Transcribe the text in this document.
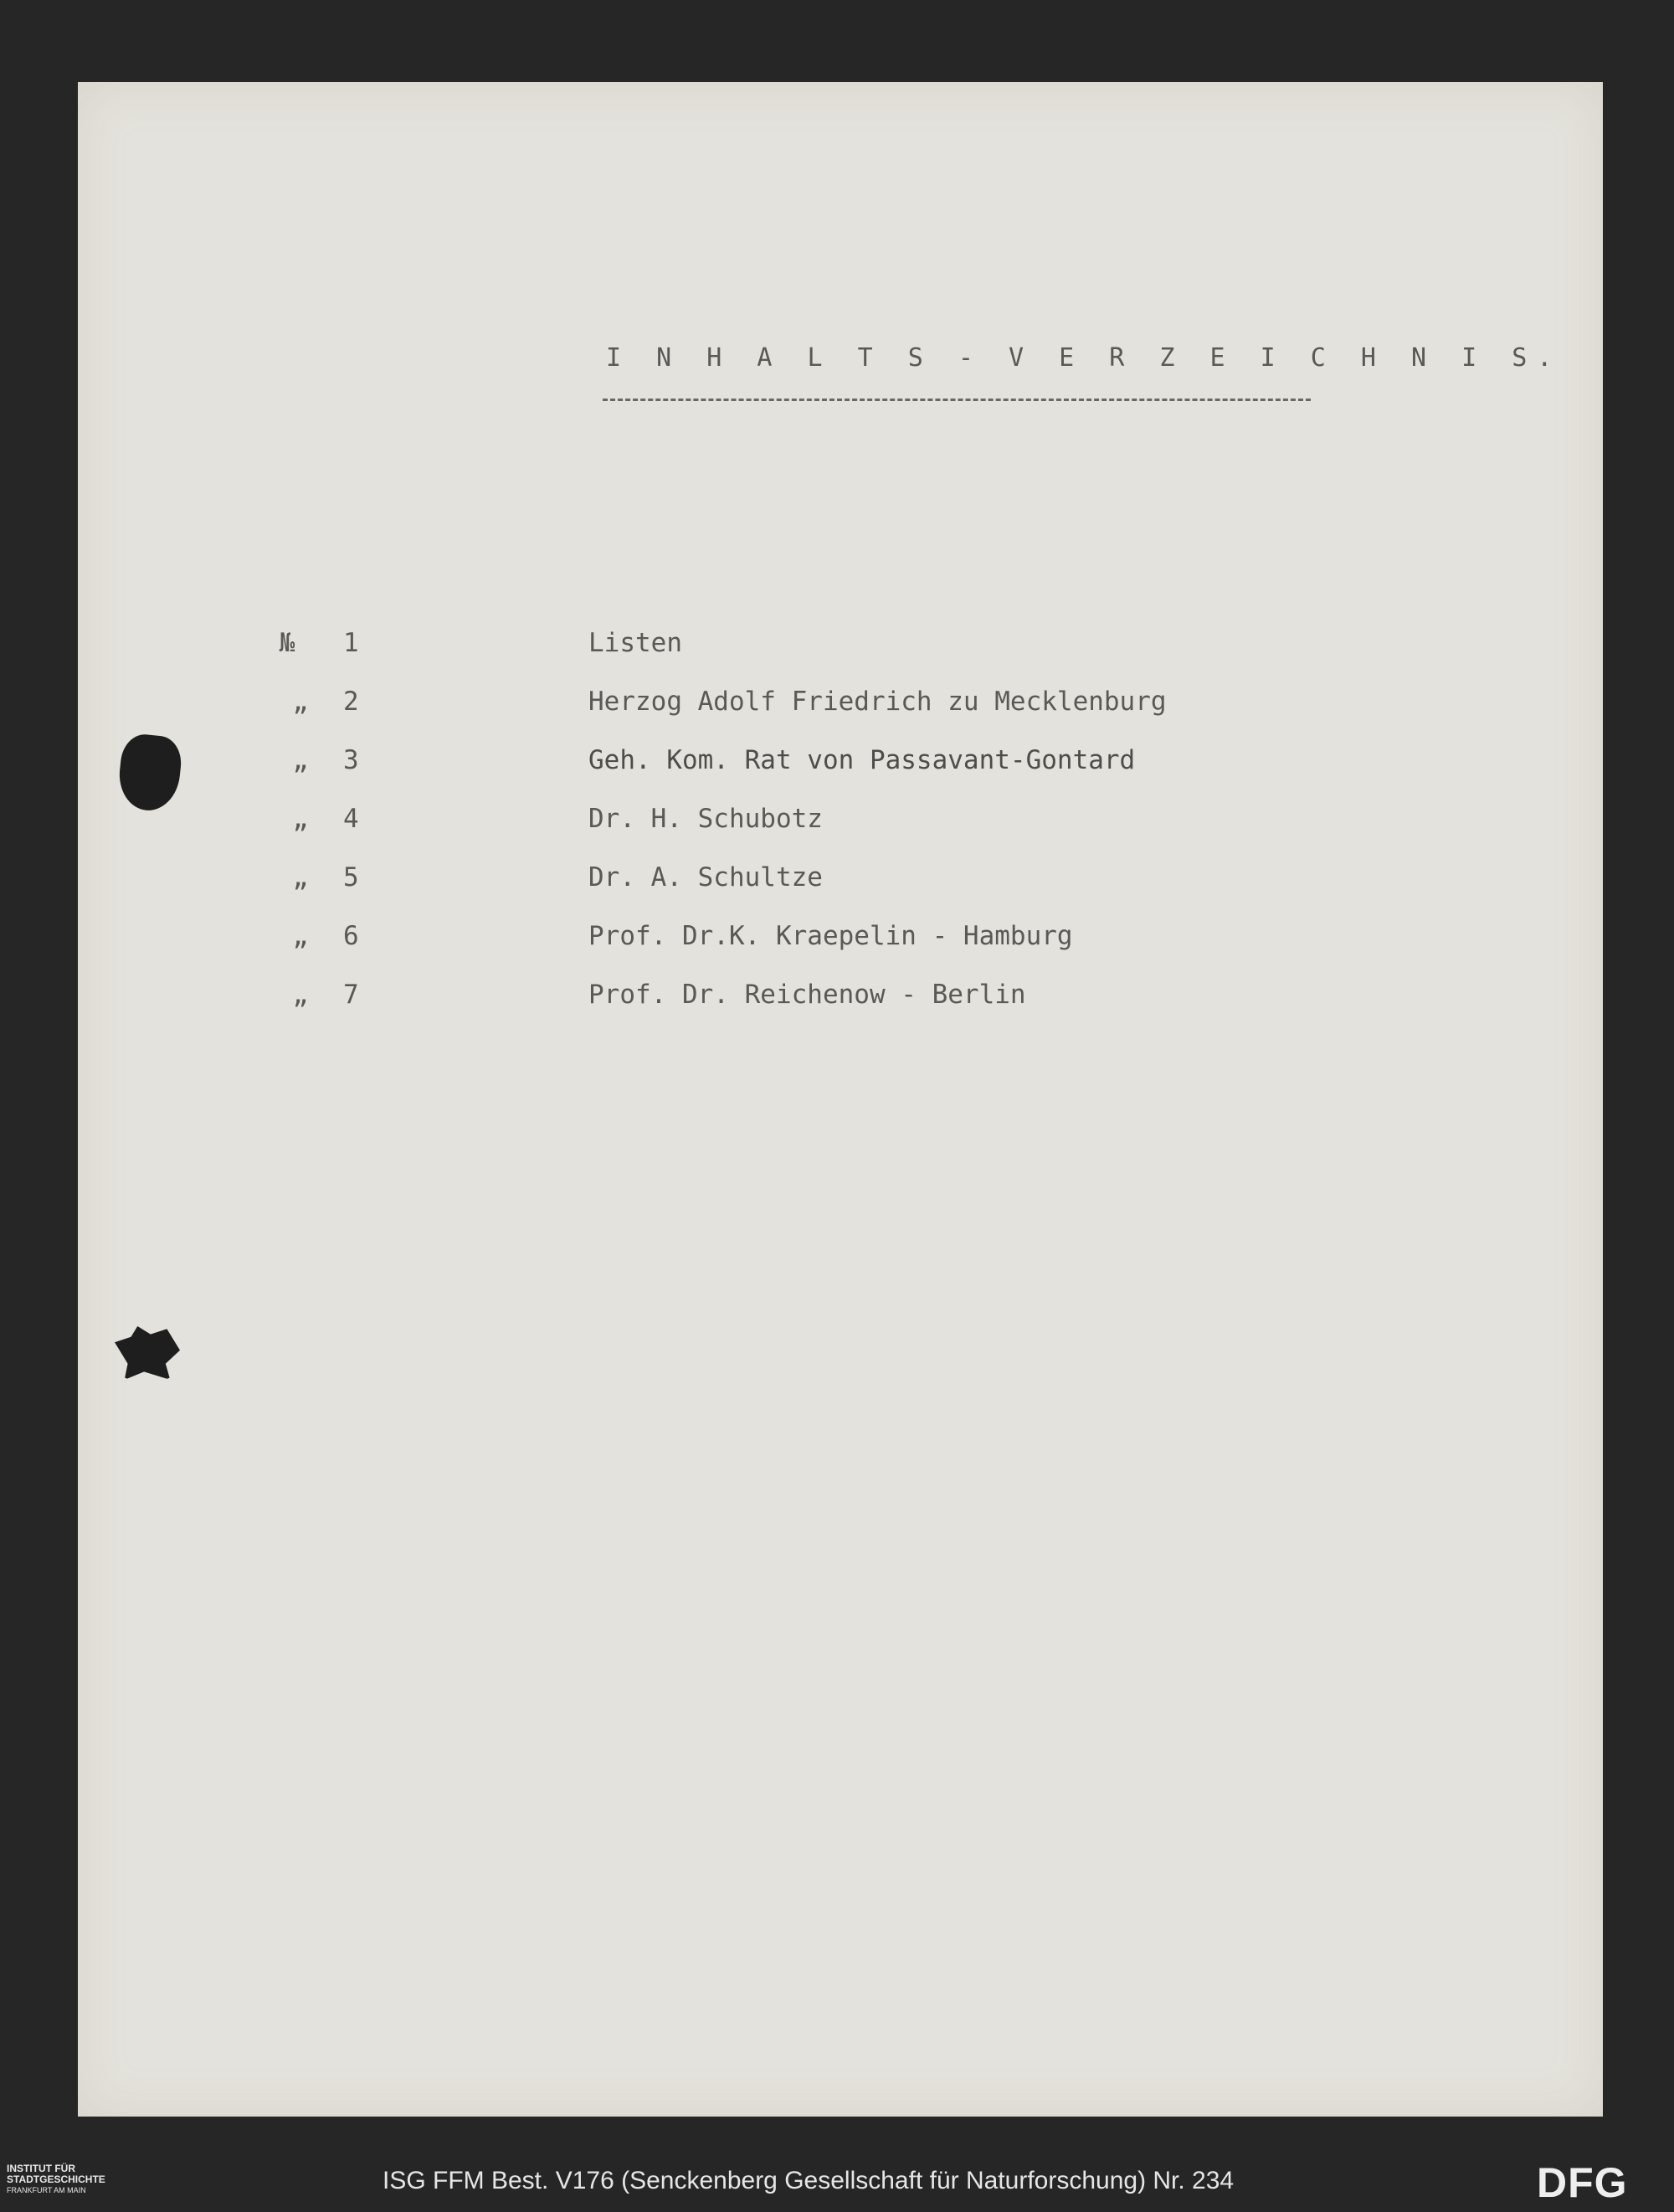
I N H A L T S - V E R Z E I C H N I S.
№	1	Listen
„	2	Herzog Adolf Friedrich zu Mecklenburg
„	3	Geh. Kom. Rat von Passavant-Gontard
„	4	Dr. H. Schubotz
„	5	Dr. A. Schultze
„	6	Prof. Dr.K. Kraepelin - Hamburg
„	7	Prof. Dr. Reichenow - Berlin
INSTITUT FÜR
STADTGESCHICHTE
FRANKFURT AM MAIN	ISG FFM Best. V176 (Senckenberg Gesellschaft für Naturforschung) Nr. 234	DFG
